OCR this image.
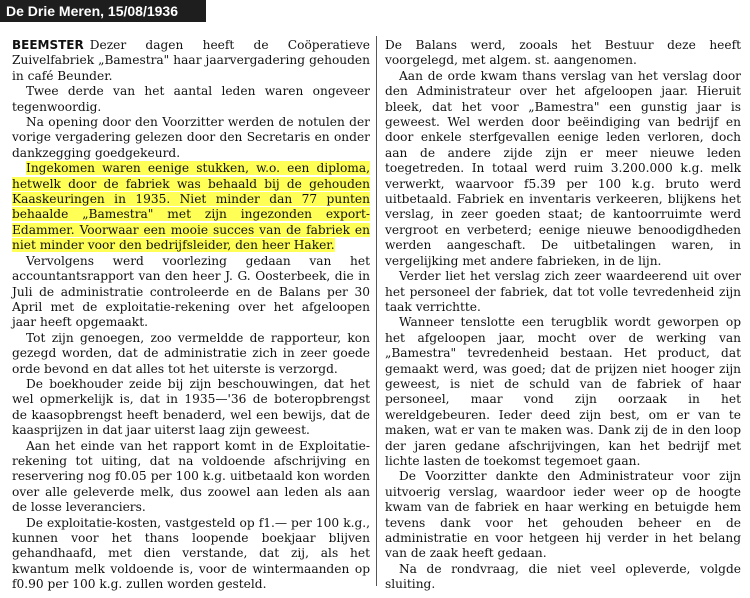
De Drie Meren, 15/08/1936

BEEMSTER Dezer dagen heeft de Coöperatieve Zuivelfabriek „Bamestra" haar jaarvergadering gehouden in café Beunder.

Twee derde van het aantal leden waren ongeveer tegenwoordig.

Na opening door den Voorzitter werden de notulen der vorige vergadering gelezen door den Secretaris en onder dankzegging goedgekeurd.

Ingekomen waren eenige stukken, w.o. een diploma, hetwelk door de fabriek was behaald bij de gehouden Kaaskeuringen in 1935. Niet minder dan 77 punten behaalde „Bamestra" met zijn ingezonden export-Edammer. Voorwaar een mooie succes van de fabriek en niet minder voor den bedrijfsleider, den heer Haker.

Vervolgens werd voorlezing gedaan van het accountantsrapport van den heer J. G. Oosterbeek, die in Juli de administratie controleerde en de Balans per 30 April met de exploitatie-rekening over het afgeloopen jaar heeft opgemaakt.

Tot zijn genoegen, zoo vermeldde de rapporteur, kon gezegd worden, dat de administratie zich in zeer goede orde bevond en dat alles tot het uiterste is verzorgd.

De boekhouder zeide bij zijn beschouwingen, dat het wel opmerkelijk is, dat in 1935—'36 de boteropbrengst de kaasopbrengst heeft benaderd, wel een bewijs, dat de kaasprijzen in dat jaar uiterst laag zijn geweest.

Aan het einde van het rapport komt in de Exploitatie-rekening tot uiting, dat na voldoende afschrijving en reservering nog f0.05 per 100 k.g. uitbetaald kon worden over alle geleverde melk, dus zoowel aan leden als aan de losse leveranciers.

De exploitatie-kosten, vastgesteld op f1.— per 100 k.g., kunnen voor het thans loopende boekjaar blijven gehandhaafd, met dien verstande, dat zij, als het kwantum melk voldoende is, voor de wintermaanden op f0.90 per 100 k.g. zullen worden gesteld.

De Balans werd, zooals het Bestuur deze heeft voorgelegd, met algem. st. aangenomen.

Aan de orde kwam thans verslag van het verslag door den Administrateur over het afgeloopen jaar. Hieruit bleek, dat het voor „Bamestra" een gunstig jaar is geweest. Wel werden door beëindiging van bedrijf en door enkele sterfgevallen eenige leden verloren, doch aan de andere zijde zijn er meer nieuwe leden toegetreden. In totaal werd ruim 3.200.000 k.g. melk verwerkt, waarvoor f5.39 per 100 k.g. bruto werd uitbetaald. Fabriek en inventaris verkeeren, blijkens het verslag, in zeer goeden staat; de kantoorruimte werd vergroot en verbeterd; eenige nieuwe benoodigdheden werden aangeschaft. De uitbetalingen waren, in vergelijking met andere fabrieken, in de lijn.

Verder liet het verslag zich zeer waardeerend uit over het personeel der fabriek, dat tot volle tevredenheid zijn taak verrichtte.

Wanneer tenslotte een terugblik wordt geworpen op het afgeloopen jaar, mocht over de werking van „Bamestra" tevredenheid bestaan. Het product, dat gemaakt werd, was goed; dat de prijzen niet hooger zijn geweest, is niet de schuld van de fabriek of haar personeel, maar vond zijn oorzaak in het wereldgebeuren. Ieder deed zijn best, om er van te maken, wat er van te maken was. Dank zij de in den loop der jaren gedane afschrijvingen, kan het bedrijf met lichte lasten de toekomst tegemoet gaan.

De Voorzitter dankte den Administrateur voor zijn uitvoerig verslag, waardoor ieder weer op de hoogte kwam van de fabriek en haar werking en betuigde hem tevens dank voor het gehouden beheer en de administratie en voor hetgeen hij verder in het belang van de zaak heeft gedaan.

Na de rondvraag, die niet veel opleverde, volgde sluiting.
